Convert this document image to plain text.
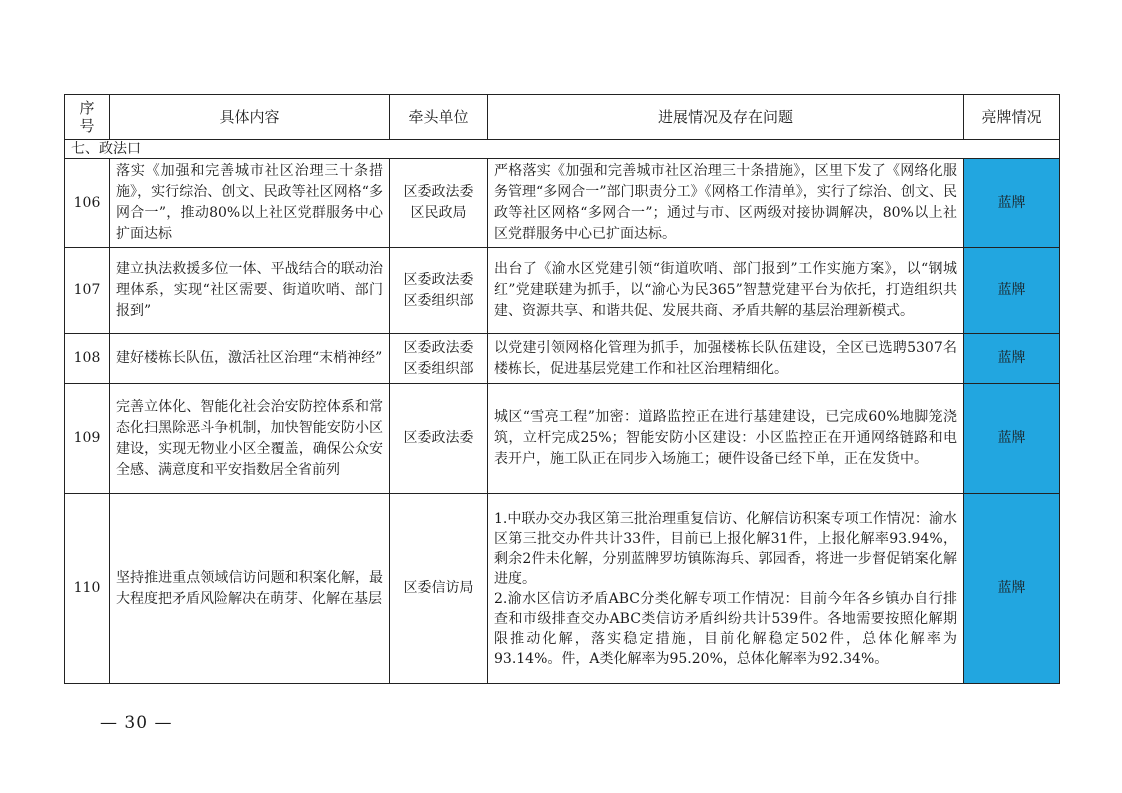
序号	具体内容	牵头单位	进展情况及存在问题	亮牌情况
七、政法口				
106	落实《加强和完善城市社区治理三十条措施》，实行综治、创文、民政等社区网格“多网合一”，推动80%以上社区党群服务中心扩面达标	区委政法委区民政局	严格落实《加强和完善城市社区治理三十条措施》，区里下发了《网络化服务管理“多网合一”部门职责分工》《网格工作清单》，实行了综治、创文、民政等社区网格“多网合一”；通过与市、区两级对接协调解决，80%以上社区党群服务中心已扩面达标。	蓝牌
107	建立执法救援多位一体、平战结合的联动治理体系，实现“社区需要、街道吹哨、部门报到”	区委政法委区委组织部	出台了《渝水区党建引领“街道吹哨、部门报到”工作实施方案》，以“钢城红”党建联建为抓手，以“渝心为民365”智慧党建平台为依托，打造组织共建、资源共享、和谐共促、发展共商、矛盾共解的基层治理新模式。	蓝牌
108	建好楼栋长队伍，激活社区治理“末梢神经”	区委政法委区委组织部	以党建引领网格化管理为抓手，加强楼栋长队伍建设，全区已选聘5307名楼栋长，促进基层党建工作和社区治理精细化。	蓝牌
109	完善立体化、智能化社会治安防控体系和常态化扫黑除恶斗争机制，加快智能安防小区建设，实现无物业小区全覆盖，确保公众安全感、满意度和平安指数居全省前列	区委政法委	城区“雪亮工程”加密：道路监控正在进行基建建设，已完成60%地脚笼浇筑，立杆完成25%；智能安防小区建设：小区监控正在开通网络链路和电表开户，施工队正在同步入场施工；硬件设备已经下单，正在发货中。	蓝牌
110	坚持推进重点领域信访问题和积案化解，最大程度把矛盾风险解决在萌芽、化解在基层	区委信访局	1.中联办交办我区第三批治理重复信访、化解信访积案专项工作情况：渝水区第三批交办件共计33件，目前已上报化解31件，上报化解率93.94%，剩余2件未化解，分别蓝牌罗坊镇陈海兵、郭园香，将进一步督促销案化解进度。
2.渝水区信访矛盾ABC分类化解专项工作情况：目前今年各乡镇办自行排查和市级排查交办ABC类信访矛盾纠纷共计539件。各地需要按照化解期限推动化解，落实稳定措施，目前化解稳定502件，总体化解率为93.14%。件，A类化解率为95.20%，总体化解率为92.34%。	蓝牌
— 30 —
